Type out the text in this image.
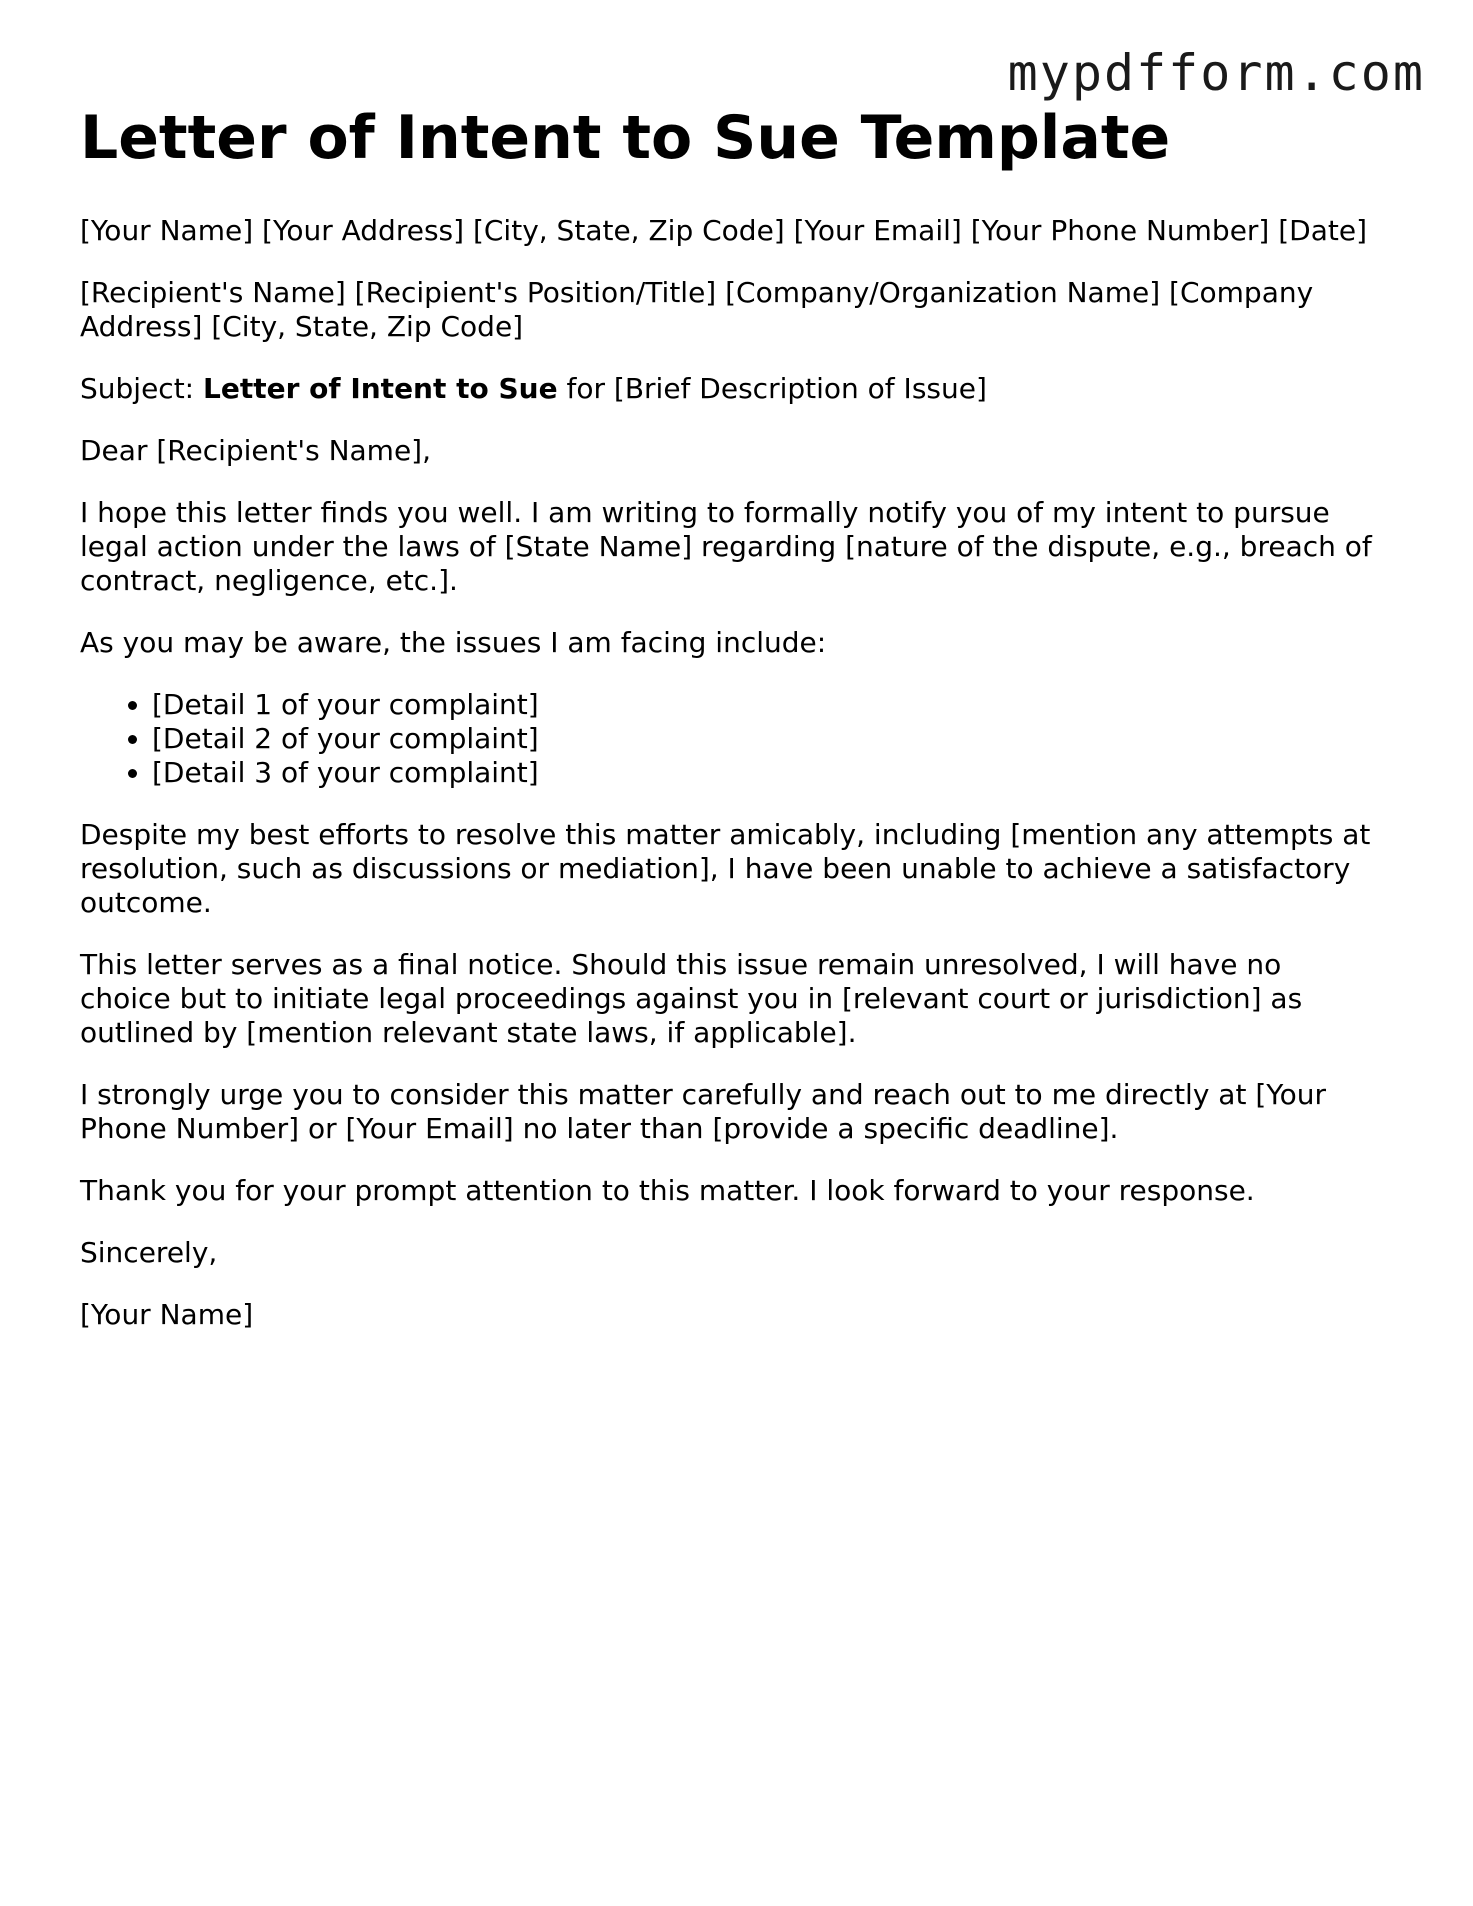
mypdfform.com
Letter of Intent to Sue Template

[Your Name] [Your Address] [City, State, Zip Code] [Your Email] [Your Phone Number] [Date]

[Recipient's Name] [Recipient's Position/Title] [Company/Organization Name] [Company Address] [City, State, Zip Code]

Subject: Letter of Intent to Sue for [Brief Description of Issue]

Dear [Recipient's Name],

I hope this letter finds you well. I am writing to formally notify you of my intent to pursue legal action under the laws of [State Name] regarding [nature of the dispute, e.g., breach of contract, negligence, etc.].

As you may be aware, the issues I am facing include:

• [Detail 1 of your complaint]
• [Detail 2 of your complaint]
• [Detail 3 of your complaint]

Despite my best efforts to resolve this matter amicably, including [mention any attempts at resolution, such as discussions or mediation], I have been unable to achieve a satisfactory outcome.

This letter serves as a final notice. Should this issue remain unresolved, I will have no choice but to initiate legal proceedings against you in [relevant court or jurisdiction] as outlined by [mention relevant state laws, if applicable].

I strongly urge you to consider this matter carefully and reach out to me directly at [Your Phone Number] or [Your Email] no later than [provide a specific deadline].

Thank you for your prompt attention to this matter. I look forward to your response.

Sincerely,

[Your Name]
